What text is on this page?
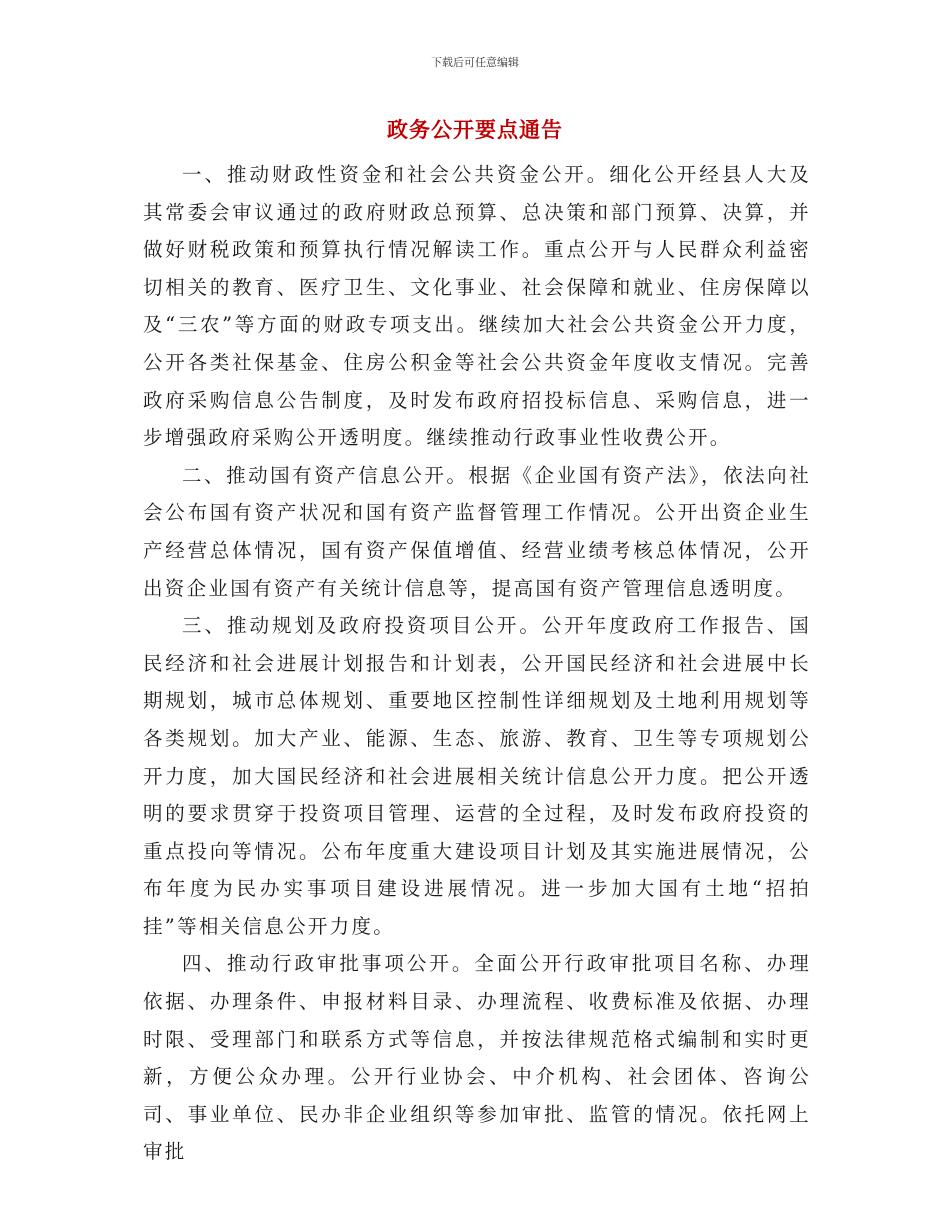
下载后可任意编辑
政务公开要点通告

一、推动财政性资金和社会公共资金公开。细化公开经县人大及其常委会审议通过的政府财政总预算、总决策和部门预算、决算，并做好财税政策和预算执行情况解读工作。重点公开与人民群众利益密切相关的教育、医疗卫生、文化事业、社会保障和就业、住房保障以及“三农”等方面的财政专项支出。继续加大社会公共资金公开力度，公开各类社保基金、住房公积金等社会公共资金年度收支情况。完善政府采购信息公告制度，及时发布政府招投标信息、采购信息，进一步增强政府采购公开透明度。继续推动行政事业性收费公开。

二、推动国有资产信息公开。根据《企业国有资产法》，依法向社会公布国有资产状况和国有资产监督管理工作情况。公开出资企业生产经营总体情况，国有资产保值增值、经营业绩考核总体情况，公开出资企业国有资产有关统计信息等，提高国有资产管理信息透明度。

三、推动规划及政府投资项目公开。公开年度政府工作报告、国民经济和社会进展计划报告和计划表，公开国民经济和社会进展中长期规划，城市总体规划、重要地区控制性详细规划及土地利用规划等各类规划。加大产业、能源、生态、旅游、教育、卫生等专项规划公开力度，加大国民经济和社会进展相关统计信息公开力度。把公开透明的要求贯穿于投资项目管理、运营的全过程，及时发布政府投资的重点投向等情况。公布年度重大建设项目计划及其实施进展情况，公布年度为民办实事项目建设进展情况。进一步加大国有土地“招拍挂”等相关信息公开力度。

四、推动行政审批事项公开。全面公开行政审批项目名称、办理依据、办理条件、申报材料目录、办理流程、收费标准及依据、办理时限、受理部门和联系方式等信息，并按法律规范格式编制和实时更新，方便公众办理。公开行业协会、中介机构、社会团体、咨询公司、事业单位、民办非企业组织等参加审批、监管的情况。依托网上审批
